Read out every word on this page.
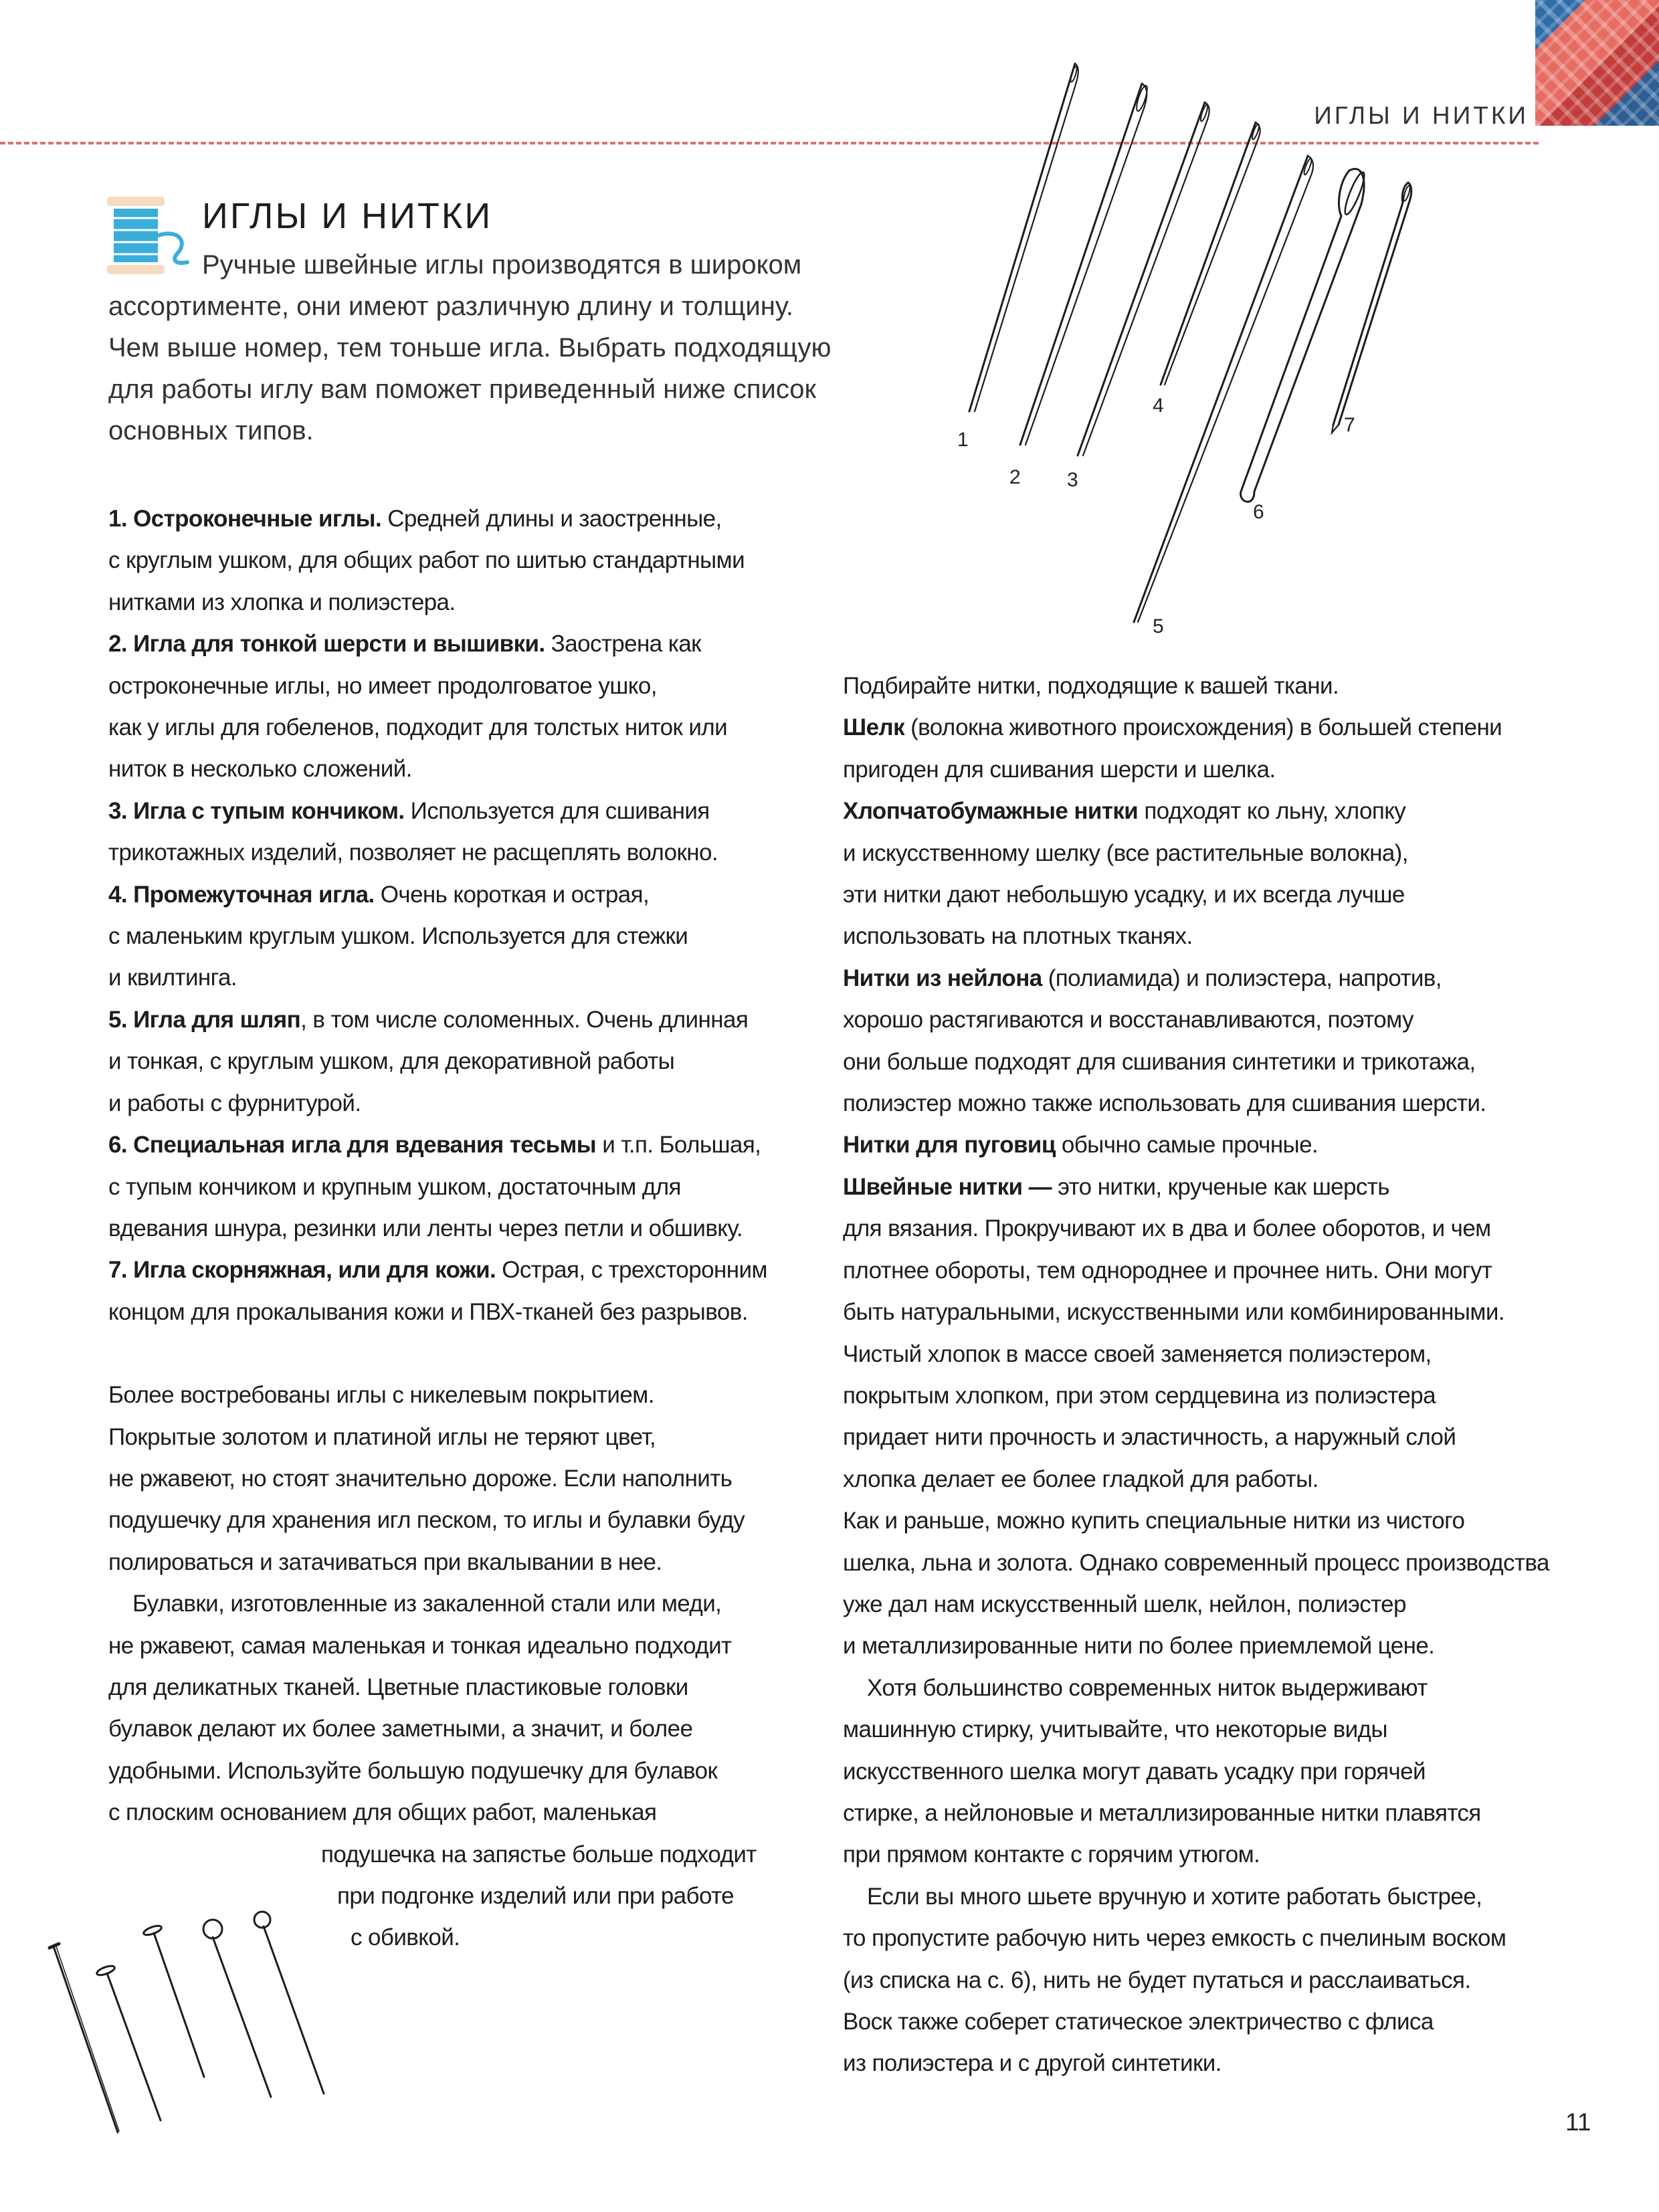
ИГЛЫ И НИТКИ
ИГЛЫ И НИТКИ
Ручные швейные иглы производятся в широком
ассортименте, они имеют различную длину и толщину.
Чем выше номер, тем тоньше игла. Выбрать подходящую
для работы иглу вам поможет приведенный ниже список
основных типов.	1
2 3
4
5
6
7

1. Остроконечные иглы. Средней длины и заостренные,

с круглым ушком, для общих работ по шитью стандартными

нитками из хлопка и полиэстера.

2. Игла для тонкой шерсти и вышивки. Заострена как

остроконечные иглы, но имеет продолговатое ушко,

как у иглы для гобеленов, подходит для толстых ниток или

ниток в несколько сложений.

3. Игла с тупым кончиком. Используется для сшивания

трикотажных изделий, позволяет не расщеплять волокно.

4. Промежуточная игла. Очень короткая и острая,

с маленьким круглым ушком. Используется для стежки

и квилтинга.

5. Игла для шляп, в том числе соломенных. Очень длинная

и тонкая, с круглым ушком, для декоративной работы

и работы с фурнитурой.

6. Специальная игла для вдевания тесьмы и т.п. Большая,

с тупым кончиком и крупным ушком, достаточным для

вдевания шнура, резинки или ленты через петли и обшивку.

7. Игла скорняжная, или для кожи. Острая, с трехсторонним

концом для прокалывания кожи и ПВХ-тканей без разрывов.

Более востребованы иглы с никелевым покрытием.

Покрытые золотом и платиной иглы не теряют цвет,

не ржавеют, но стоят значительно дороже. Если наполнить

подушечку для хранения игл песком, то иглы и булавки буду

полироваться и затачиваться при вкалывании в нее.

Булавки, изготовленные из закаленной стали или меди,

не ржавеют, самая маленькая и тонкая идеально подходит

для деликатных тканей. Цветные пластиковые головки

булавок делают их более заметными, а значит, и более

удобными. Используйте большую подушечку для булавок

с плоским основанием для общих работ, маленькая

подушечка на запястье больше подходит

при подгонке изделий или при работе

с обивкой.

Подбирайте нитки, подходящие к вашей ткани.

Шелк (волокна животного происхождения) в большей степени

пригоден для сшивания шерсти и шелка.

Хлопчатобумажные нитки подходят ко льну, хлопку

и искусственному шелку (все растительные волокна),

эти нитки дают небольшую усадку, и их всегда лучше

использовать на плотных тканях.

Нитки из нейлона (полиамида) и полиэстера, напротив,

хорошо растягиваются и восстанавливаются, поэтому

они больше подходят для сшивания синтетики и трикотажа,

полиэстер можно также использовать для сшивания шерсти.

Нитки для пуговиц обычно самые прочные.

Швейные нитки — это нитки, крученые как шерсть

для вязания. Прокручивают их в два и более оборотов, и чем

плотнее обороты, тем однороднее и прочнее нить. Они могут

быть натуральными, искусственными или комбинированными.

Чистый хлопок в массе своей заменяется полиэстером,

покрытым хлопком, при этом сердцевина из полиэстера

придает нити прочность и эластичность, а наружный слой

хлопка делает ее более гладкой для работы.

Как и раньше, можно купить специальные нитки из чистого

шелка, льна и золота. Однако современный процесс производства

уже дал нам искусственный шелк, нейлон, полиэстер

и металлизированные нити по более приемлемой цене.

Хотя большинство современных ниток выдерживают

машинную стирку, учитывайте, что некоторые виды

искусственного шелка могут давать усадку при горячей

стирке, а нейлоновые и металлизированные нитки плавятся

при прямом контакте с горячим утюгом.

Если вы много шьете вручную и хотите работать быстрее,

то пропустите рабочую нить через емкость с пчелиным воском

(из списка на с. 6), нить не будет путаться и расслаиваться.

Воск также соберет статическое электричество с флиса

из полиэстера и с другой синтетики.

11
